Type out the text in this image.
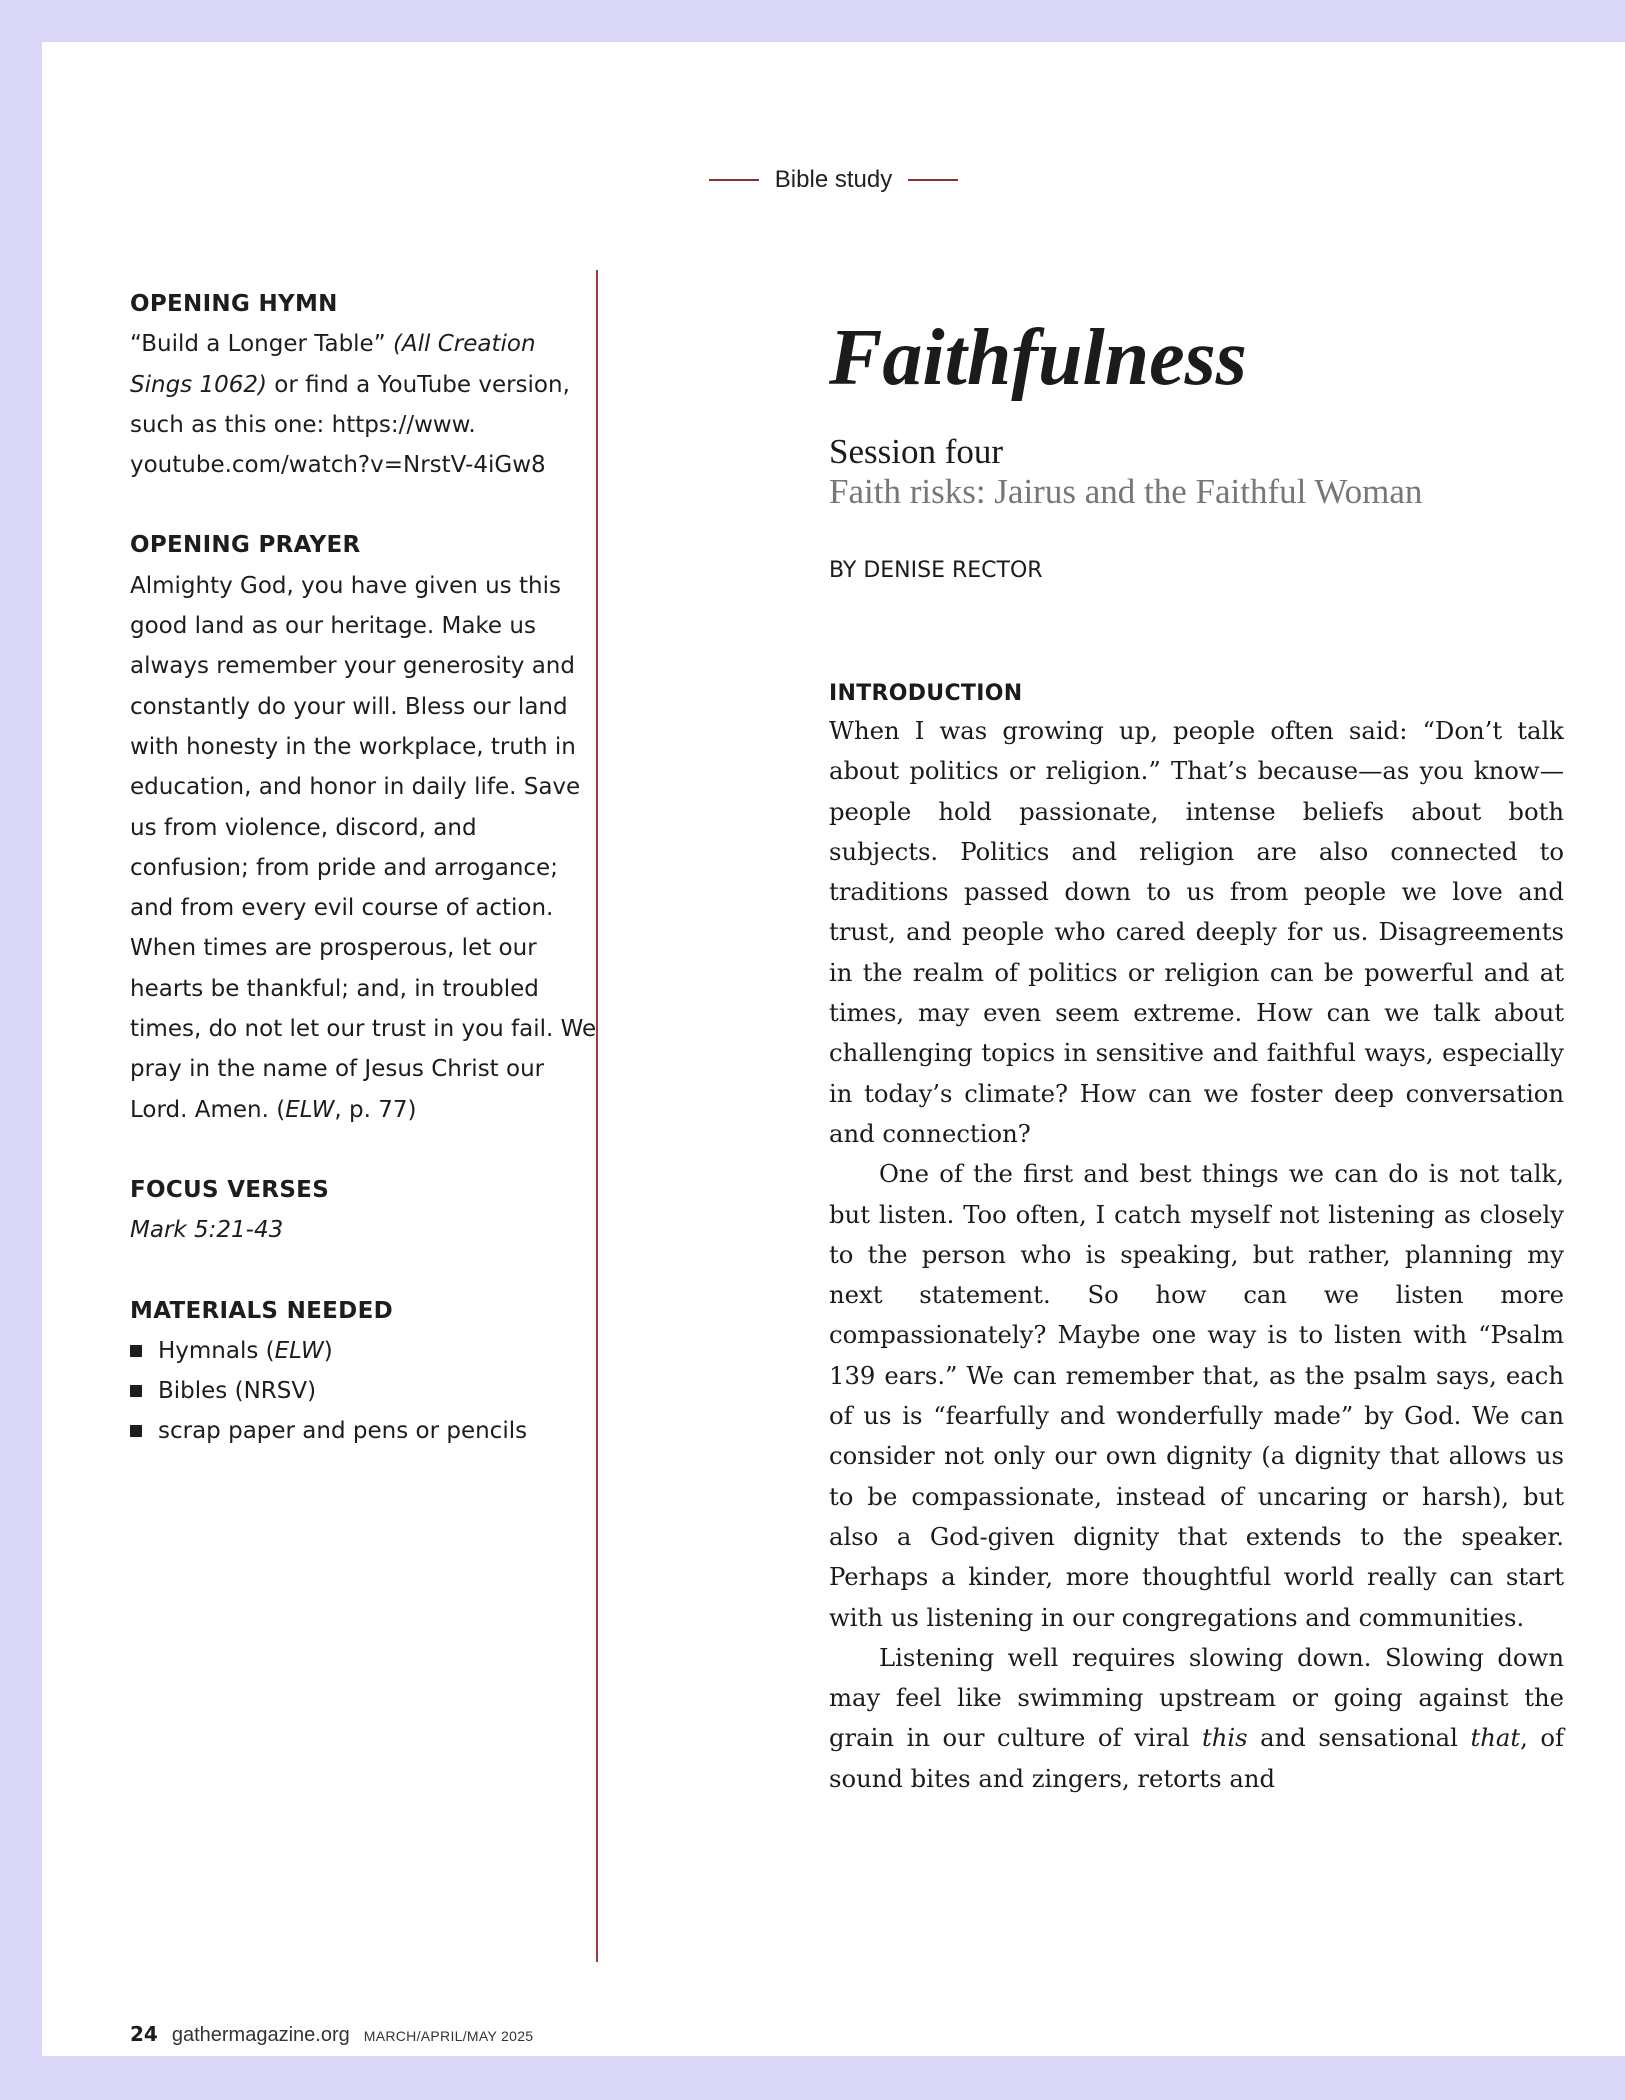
Bible study
OPENING HYMN

“Build a Longer Table” (All Creation Sings 1062) or find a YouTube version, such as this one: https://www. youtube.com/watch?v=NrstV-4iGw8

OPENING PRAYER

Almighty God, you have given us this good land as our heritage. Make us always remember your generosity and constantly do your will. Bless our land with honesty in the workplace, truth in education, and honor in daily life. Save us from violence, discord, and confusion; from pride and arrogance; and from every evil course of action. When times are prosperous, let our hearts be thankful; and, in troubled times, do not let our trust in you fail. We pray in the name of Jesus Christ our Lord. Amen. (ELW, p. 77)

FOCUS VERSES

Mark 5:21-43

MATERIALS NEEDED
Hymnals (ELW)
Bibles (NRSV)
scrap paper and pens or pencils
Faithfulness

Session four

Faith risks: Jairus and the Faithful Woman

BY DENISE RECTOR

INTRODUCTION

When I was growing up, people often said: “Don’t talk about politics or religion.” That’s because—as you know—people hold passionate, intense beliefs about both subjects. Politics and religion are also connected to traditions passed down to us from people we love and trust, and people who cared deeply for us. Disagreements in the realm of politics or religion can be powerful and at times, may even seem extreme. How can we talk about challenging topics in sensitive and faithful ways, especially in today’s climate? How can we foster deep conversation and connection?

One of the first and best things we can do is not talk, but listen. Too often, I catch myself not listening as closely to the person who is speaking, but rather, planning my next statement. So how can we listen more compassionately? Maybe one way is to listen with “Psalm 139 ears.” We can remember that, as the psalm says, each of us is “fearfully and wonderfully made” by God. We can consider not only our own dignity (a dignity that allows us to be compassionate, instead of uncaring or harsh), but also a God-given dignity that extends to the speaker. Perhaps a kinder, more thoughtful world really can start with us listening in our congregations and communities.

Listening well requires slowing down. Slowing down may feel like swimming upstream or going against the grain in our culture of viral this and sensational that, of sound bites and zingers, retorts and

24 gathermagazine.org MARCH/APRIL/MAY 2025
